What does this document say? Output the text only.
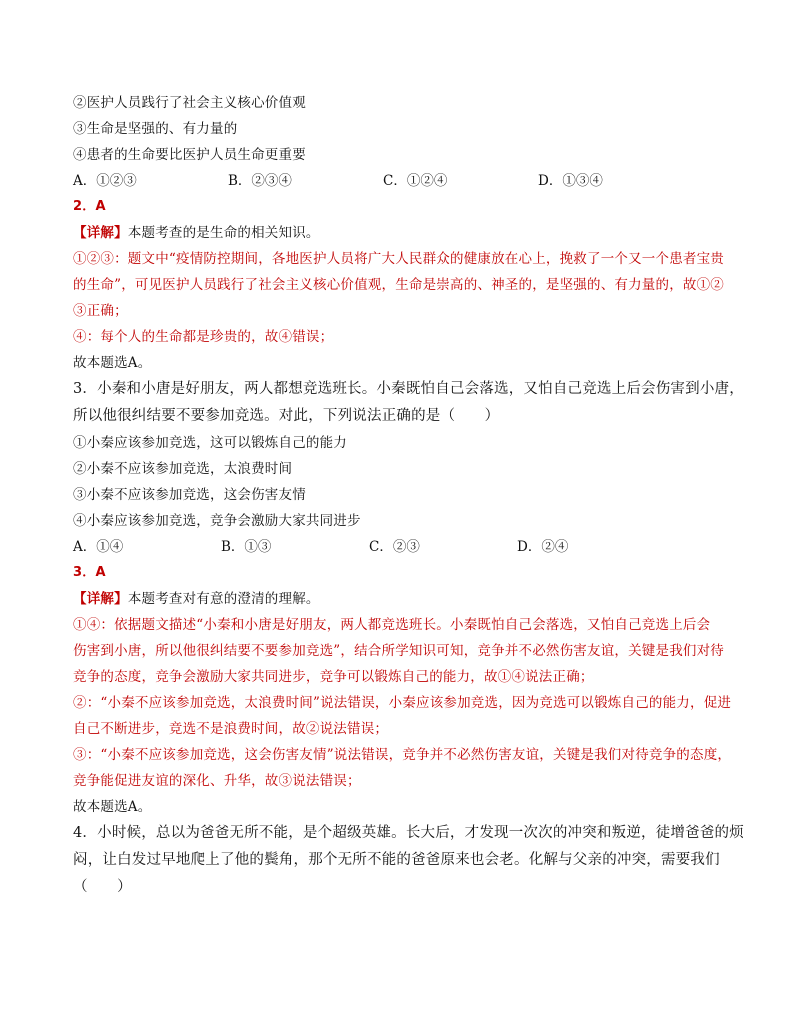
②医护人员践行了社会主义核心价值观
③生命是坚强的、有力量的
④患者的生命要比医护人员生命更重要
A．①②③	B．②③④	C．①②④	D．①③④
2．A
【详解】本题考查的是生命的相关知识。
①②③：题文中“疫情防控期间，各地医护人员将广大人民群众的健康放在心上，挽救了一个又一个患者宝贵
的生命”，可见医护人员践行了社会主义核心价值观，生命是崇高的、神圣的，是坚强的、有力量的，故①②
③正确；
④：每个人的生命都是珍贵的，故④错误；
故本题选A。
3．小秦和小唐是好朋友，两人都想竞选班长。小秦既怕自己会落选，又怕自己竞选上后会伤害到小唐，
所以他很纠结要不要参加竞选。对此，下列说法正确的是（　　）
①小秦应该参加竞选，这可以锻炼自己的能力
②小秦不应该参加竞选，太浪费时间
③小秦不应该参加竞选，这会伤害友情
④小秦应该参加竞选，竞争会激励大家共同进步
A．①④	B．①③	C．②③	D．②④
3．A
【详解】本题考查对有意的澄清的理解。
①④：依据题文描述“小秦和小唐是好朋友，两人都竞选班长。小秦既怕自己会落选，又怕自己竞选上后会
伤害到小唐，所以他很纠结要不要参加竞选”，结合所学知识可知，竞争并不必然伤害友谊，关键是我们对待
竞争的态度，竞争会激励大家共同进步，竞争可以锻炼自己的能力，故①④说法正确；
②：“小秦不应该参加竞选，太浪费时间”说法错误，小秦应该参加竞选，因为竞选可以锻炼自己的能力，促进
自己不断进步，竞选不是浪费时间，故②说法错误；
③：“小秦不应该参加竞选，这会伤害友情”说法错误，竞争并不必然伤害友谊，关键是我们对待竞争的态度，
竞争能促进友谊的深化、升华，故③说法错误；
故本题选A。
4．小时候，总以为爸爸无所不能，是个超级英雄。长大后，才发现一次次的冲突和叛逆，徒增爸爸的烦
闷，让白发过早地爬上了他的鬓角，那个无所不能的爸爸原来也会老。化解与父亲的冲突，需要我们
（　　）
